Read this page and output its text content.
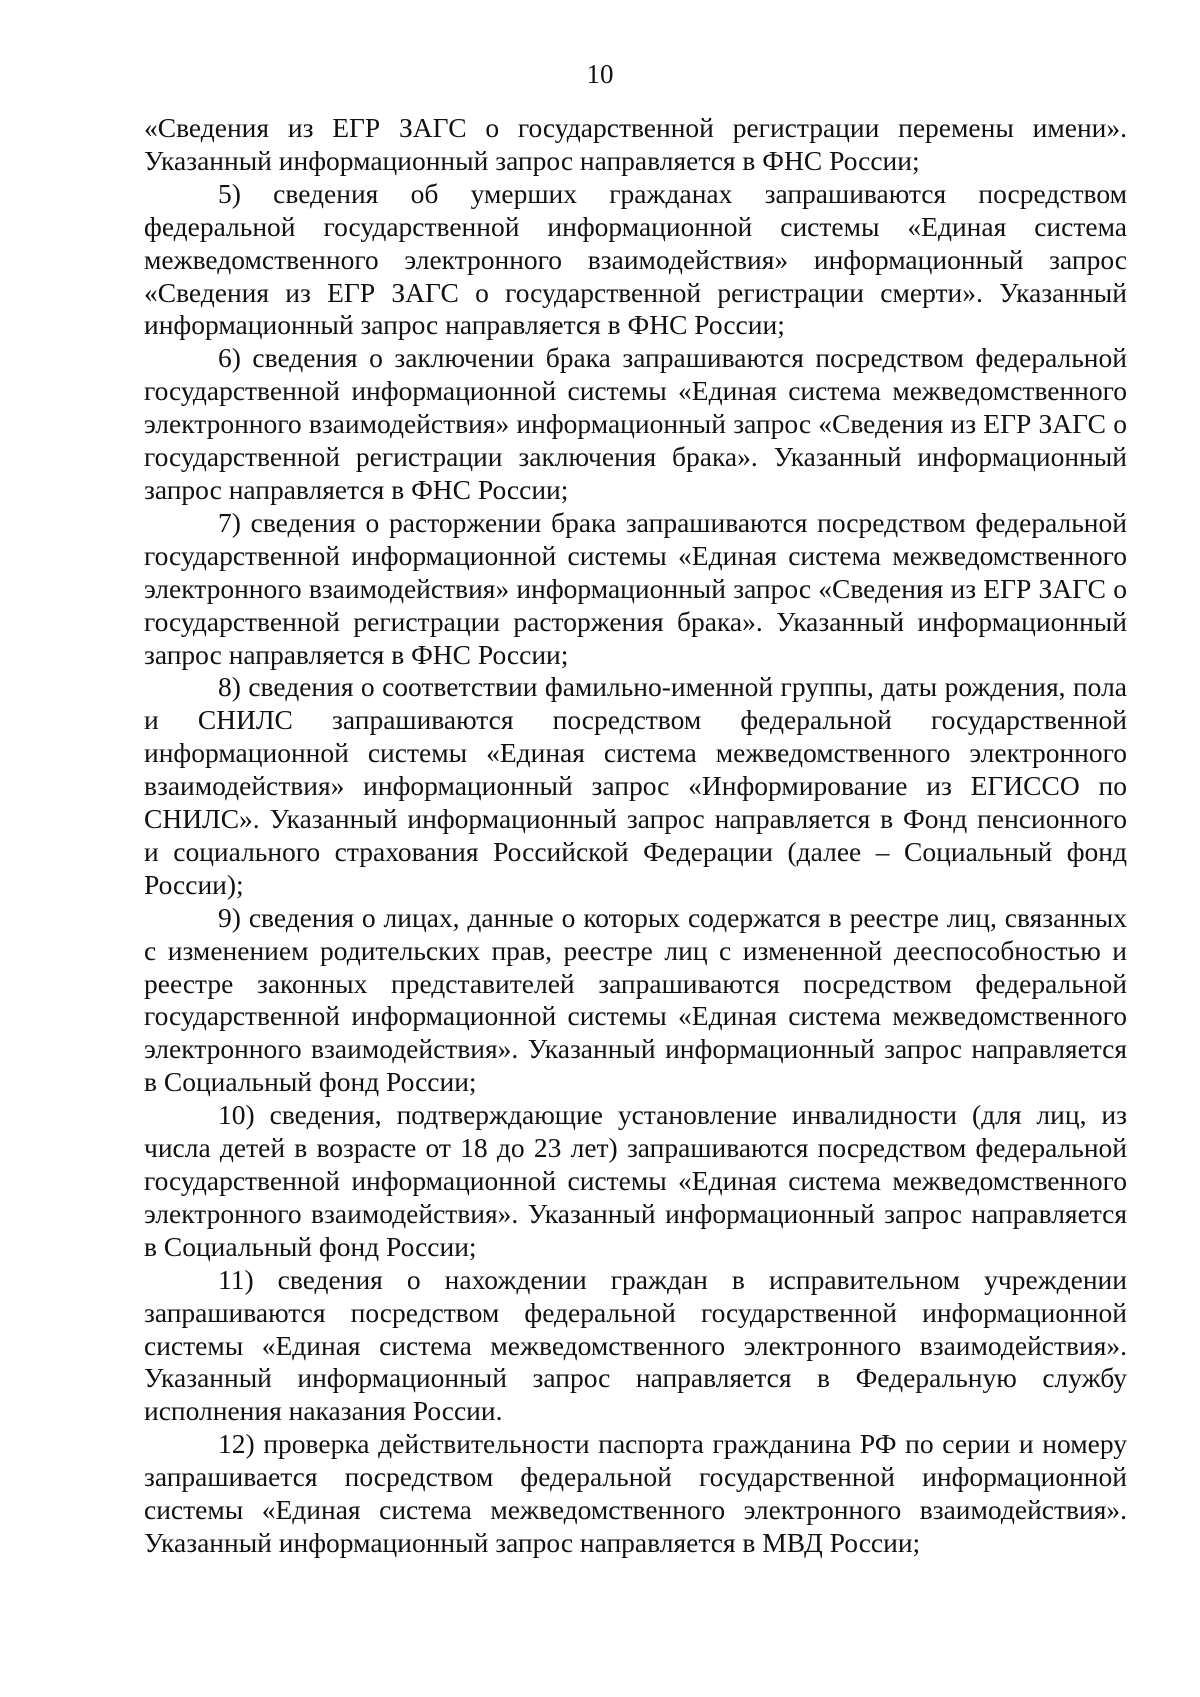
10

«Сведения из ЕГР ЗАГС о государственной регистрации перемены имени». Указанный информационный запрос направляется в ФНС России;

5) сведения об умерших гражданах запрашиваются посредством федеральной государственной информационной системы «Единая система межведомственного электронного взаимодействия» информационный запрос «Сведения из ЕГР ЗАГС о государственной регистрации смерти». Указанный информационный запрос направляется в ФНС России;

6) сведения о заключении брака запрашиваются посредством федеральной государственной информационной системы «Единая система межведомственного электронного взаимодействия» информационный запрос «Сведения из ЕГР ЗАГС о государственной регистрации заключения брака». Указанный информационный запрос направляется в ФНС России;

7) сведения о расторжении брака запрашиваются посредством федеральной государственной информационной системы «Единая система межведомственного электронного взаимодействия» информационный запрос «Сведения из ЕГР ЗАГС о государственной регистрации расторжения брака». Указанный информационный запрос направляется в ФНС России;

8) сведения о соответствии фамильно-именной группы, даты рождения, пола и СНИЛС запрашиваются посредством федеральной государственной информационной системы «Единая система межведомственного электронного взаимодействия» информационный запрос «Информирование из ЕГИССО по СНИЛС». Указанный информационный запрос направляется в Фонд пенсионного и социального страхования Российской Федерации (далее – Социальный фонд России);

9) сведения о лицах, данные о которых содержатся в реестре лиц, связанных с изменением родительских прав, реестре лиц с измененной дееспособностью и реестре законных представителей запрашиваются посредством федеральной государственной информационной системы «Единая система межведомственного электронного взаимодействия». Указанный информационный запрос направляется в Социальный фонд России;

10) сведения, подтверждающие установление инвалидности (для лиц, из числа детей в возрасте от 18 до 23 лет) запрашиваются посредством федеральной государственной информационной системы «Единая система межведомственного электронного взаимодействия». Указанный информационный запрос направляется в Социальный фонд России;

11) сведения о нахождении граждан в исправительном учреждении запрашиваются посредством федеральной государственной информационной системы «Единая система межведомственного электронного взаимодействия». Указанный информационный запрос направляется в Федеральную службу исполнения наказания России.

12) проверка действительности паспорта гражданина РФ по серии и номеру запрашивается посредством федеральной государственной информационной системы «Единая система межведомственного электронного взаимодействия». Указанный информационный запрос направляется в МВД России;
